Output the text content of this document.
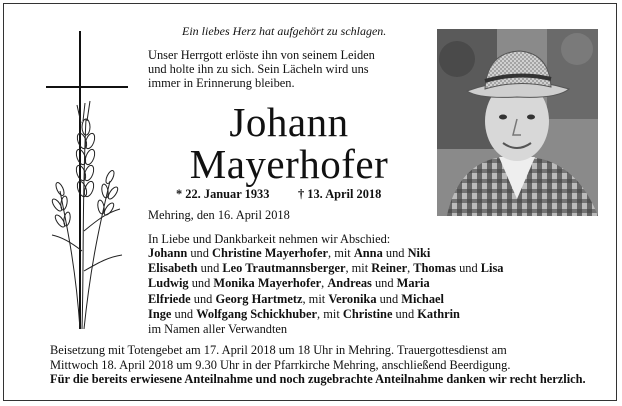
Ein liebes Herz hat aufgehört zu schlagen.

Unser Herrgott erlöste ihn von seinem Leiden
und holte ihn zu sich. Sein Lächeln wird uns
immer in Erinnerung bleiben.
Johann
Mayerhofer
* 22. Januar 1933 † 13. April 2018
Mehring, den 16. April 2018
In Liebe und Dankbarkeit nehmen wir Abschied:
Johann und Christine Mayerhofer, mit Anna und Niki
Elisabeth und Leo Trautmannsberger, mit Reiner, Thomas und Lisa
Ludwig und Monika Mayerhofer, Andreas und Maria
Elfriede und Georg Hartmetz, mit Veronika und Michael
Inge und Wolfgang Schickhuber, mit Christine und Kathrin
im Namen aller Verwandten
Beisetzung mit Totengebet am 17. April 2018 um 18 Uhr in Mehring. Trauergottesdienst am
Mittwoch 18. April 2018 um 9.30 Uhr in der Pfarrkirche Mehring, anschließend Beerdigung.
Für die bereits erwiesene Anteilnahme und noch zugebrachte Anteilnahme danken wir recht herzlich.
